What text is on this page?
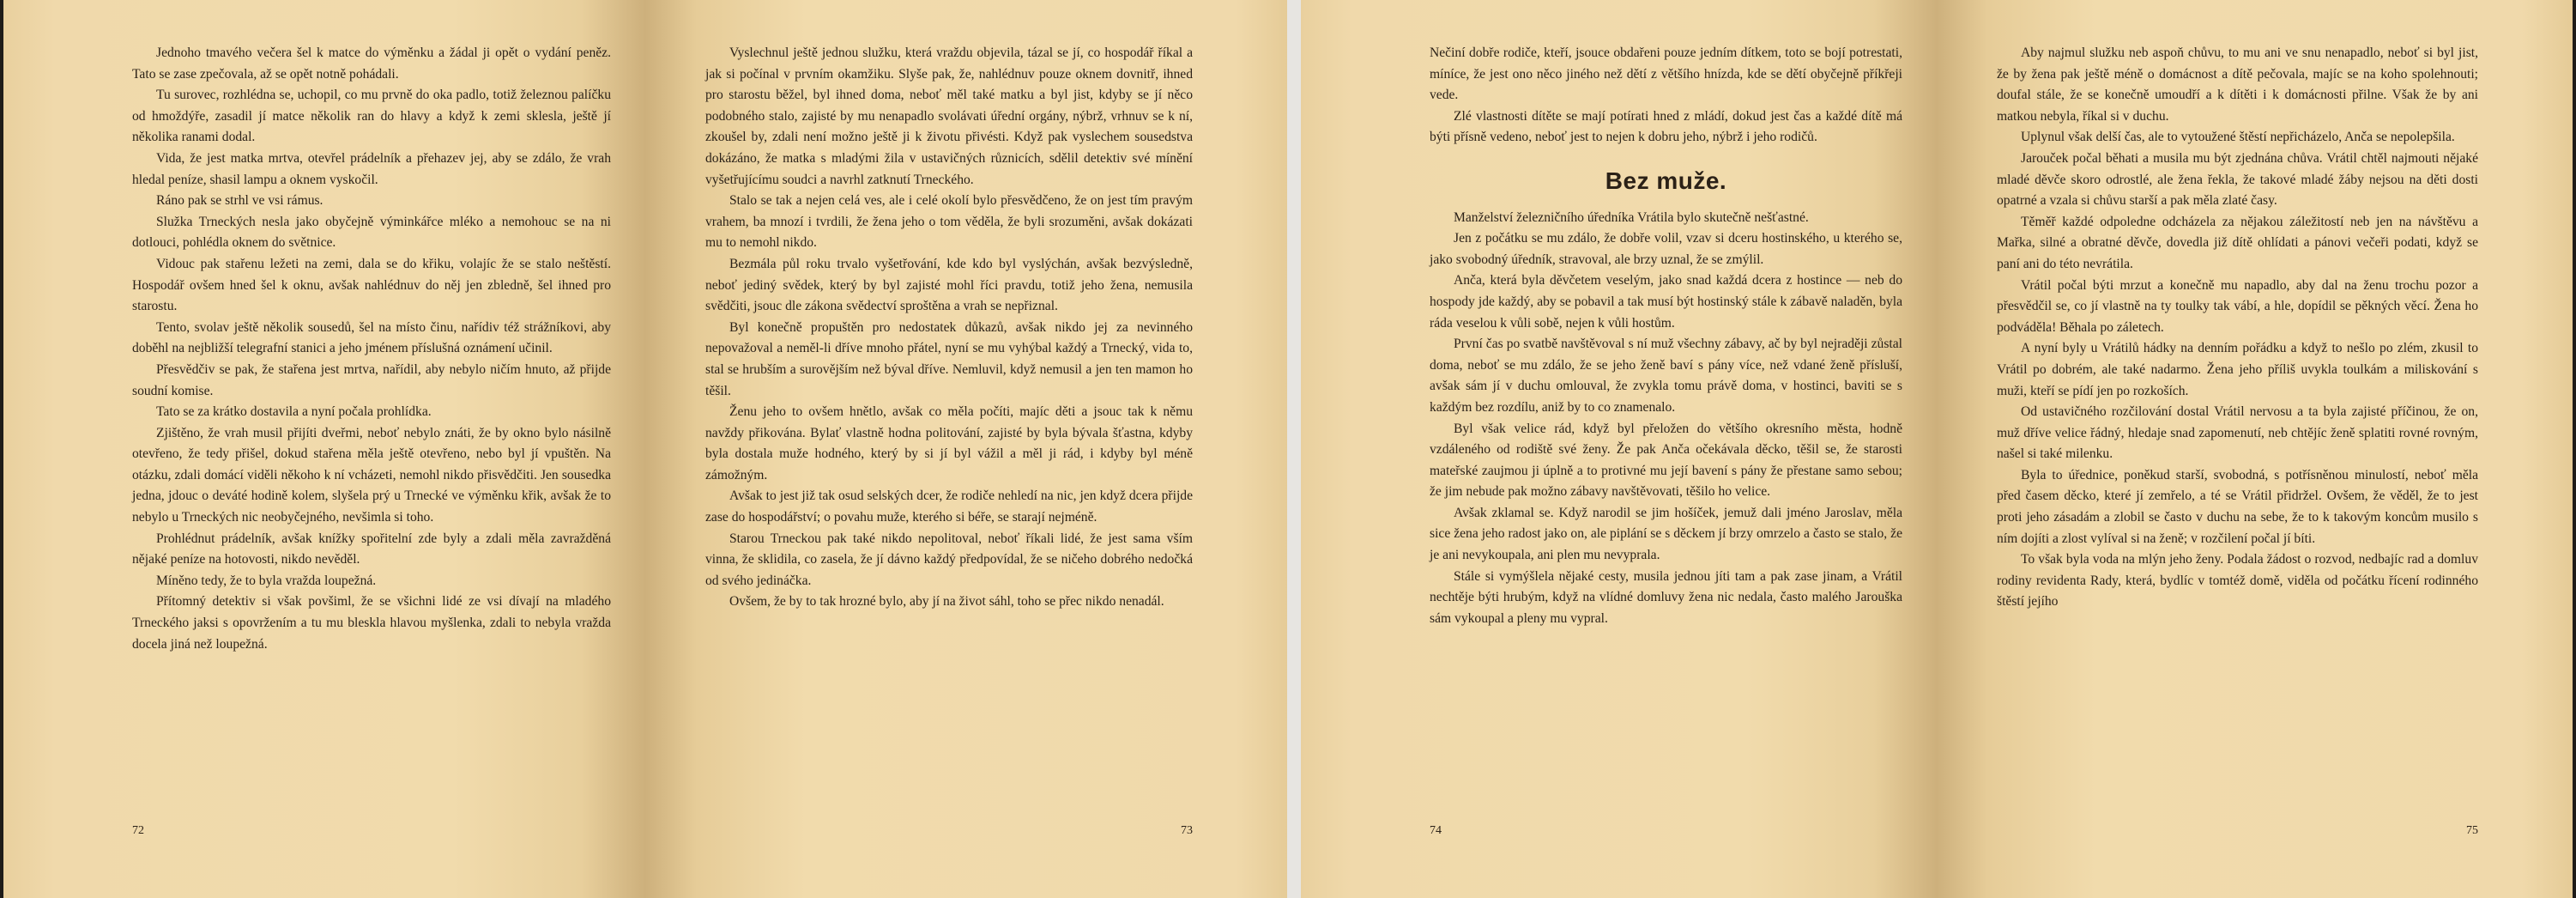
Jednoho tmavého večera šel k matce do výměnku a žádal ji opět o vydání peněz. Tato se zase zpečovala, až se opět notně pohádali.

Tu surovec, rozhlédna se, uchopil, co mu prvně do oka padlo, totiž železnou palíčku od hmoždýře, zasadil jí matce několik ran do hlavy a když k zemi sklesla, ještě jí několika ranami dodal.

Vida, že jest matka mrtva, otevřel prádelník a přehazev jej, aby se zdálo, že vrah hledal peníze, shasil lampu a oknem vyskočil.

Ráno pak se strhl ve vsi rámus.

Služka Trneckých nesla jako obyčejně výminkářce mléko a nemohouc se na ni dotlouci, pohlédla oknem do světnice.

Vidouc pak stařenu ležeti na zemi, dala se do křiku, volajíc že se stalo neštěstí. Hospodář ovšem hned šel k oknu, avšak nahlédnuv do něj jen zbledně, šel ihned pro starostu.

Tento, svolav ještě několik sousedů, šel na místo činu, nařídiv též strážníkovi, aby doběhl na nejbližší telegrafní stanici a jeho jménem příslušná oznámení učinil.

Přesvědčiv se pak, že stařena jest mrtva, nařídil, aby nebylo ničím hnuto, až přijde soudní komise.

Tato se za krátko dostavila a nyní počala prohlídka.

Zjištěno, že vrah musil přijíti dveřmi, neboť nebylo znáti, že by okno bylo násilně otevřeno, že tedy přišel, dokud stařena měla ještě otevřeno, nebo byl jí vpuštěn. Na otázku, zdali domácí viděli někoho k ní vcházeti, nemohl nikdo přisvědčiti. Jen sousedka jedna, jdouc o deváté hodině kolem, slyšela prý u Trnecké ve výměnku křik, avšak že to nebylo u Trneckých nic neobyčejného, nevšimla si toho.

Prohlédnut prádelník, avšak knížky spořitelní zde byly a zdali měla zavražděná nějaké peníze na hotovosti, nikdo nevěděl.

Míněno tedy, že to byla vražda loupežná.

Přítomný detektiv si však povšiml, že se všichni lidé ze vsi dívají na mladého Trneckého jaksi s opovržením a tu mu bleskla hlavou myšlenka, zdali to nebyla vražda docela jiná než loupežná.

72

Vyslechnul ještě jednou služku, která vraždu objevila, tázal se jí, co hospodář říkal a jak si počínal v prvním okamžiku. Slyše pak, že, nahlédnuv pouze oknem dovnitř, ihned pro starostu běžel, byl ihned doma, neboť měl také matku a byl jist, kdyby se jí něco podobného stalo, zajisté by mu nenapadlo svolávati úřední orgány, nýbrž, vrhnuv se k ní, zkoušel by, zdali není možno ještě ji k životu přivésti. Když pak vyslechem sousedstva dokázáno, že matka s mladými žila v ustavičných různicích, sdělil detektiv své mínění vyšetřujícímu soudci a navrhl zatknutí Trneckého.

Stalo se tak a nejen celá ves, ale i celé okolí bylo přesvědčeno, že on jest tím pravým vrahem, ba mnozí i tvrdili, že žena jeho o tom věděla, že byli srozuměni, avšak dokázati mu to nemohl nikdo.

Bezmála půl roku trvalo vyšetřování, kde kdo byl vyslýchán, avšak bezvýsledně, neboť jediný svědek, který by byl zajisté mohl říci pravdu, totiž jeho žena, nemusila svědčiti, jsouc dle zákona svědectví sproštěna a vrah se nepřiznal.

Byl konečně propuštěn pro nedostatek důkazů, avšak nikdo jej za nevinného nepovažoval a neměl-li dříve mnoho přátel, nyní se mu vyhýbal každý a Trnecký, vida to, stal se hrubším a surovějším než býval dříve. Nemluvil, když nemusil a jen ten mamon ho těšil.

Ženu jeho to ovšem hnětlo, avšak co měla počíti, majíc děti a jsouc tak k němu navždy přikována. Bylať vlastně hodna politování, zajisté by byla bývala šťastna, kdyby byla dostala muže hodného, který by si jí byl vážil a měl ji rád, i kdyby byl méně zámožným.

Avšak to jest již tak osud selských dcer, že rodiče nehledí na nic, jen když dcera přijde zase do hospodářství; o povahu muže, kterého si béře, se starají nejméně.

Starou Trneckou pak také nikdo nepolitoval, neboť říkali lidé, že jest sama vším vinna, že sklidila, co zasela, že jí dávno každý předpovídal, že se ničeho dobrého nedočká od svého jedináčka.

Ovšem, že by to tak hrozné bylo, aby jí na život sáhl, toho se přec nikdo nenadál.

73

Nečiní dobře rodiče, kteří, jsouce obdařeni pouze jedním dítkem, toto se bojí potrestati, míníce, že jest ono něco jiného než dětí z většího hnízda, kde se dětí obyčejně příkřeji vede.

Zlé vlastnosti dítěte se mají potírati hned z mládí, dokud jest čas a každé dítě má býti přísně vedeno, neboť jest to nejen k dobru jeho, nýbrž i jeho rodičů.

Bez muže.

Manželství železničního úředníka Vrátila bylo skutečně nešťastné.

Jen z počátku se mu zdálo, že dobře volil, vzav si dceru hostinského, u kterého se, jako svobodný úředník, stravoval, ale brzy uznal, že se zmýlil.

Anča, která byla děvčetem veselým, jako snad každá dcera z hostince — neb do hospody jde každý, aby se pobavil a tak musí být hostinský stále k zábavě naladěn, byla ráda veselou k vůli sobě, nejen k vůli hostům.

První čas po svatbě navštěvoval s ní muž všechny zábavy, ač by byl nejraději zůstal doma, neboť se mu zdálo, že se jeho ženě baví s pány více, než vdané ženě přísluší, avšak sám jí v duchu omlouval, že zvykla tomu právě doma, v hostinci, baviti se s každým bez rozdílu, aniž by to co znamenalo.

Byl však velice rád, když byl přeložen do většího okresního města, hodně vzdáleného od rodiště své ženy. Že pak Anča očekávala děcko, těšil se, že starosti mateřské zaujmou ji úplně a to protivné mu její bavení s pány že přestane samo sebou; že jim nebude pak možno zábavy navštěvovati, těšilo ho velice.

Avšak zklamal se. Když narodil se jim hošíček, jemuž dali jméno Jaroslav, měla sice žena jeho radost jako on, ale piplání se s děckem jí brzy omrzelo a často se stalo, že je ani nevykoupala, ani plen mu nevyprala.

Stále si vymýšlela nějaké cesty, musila jednou jíti tam a pak zase jinam, a Vrátil nechtěje býti hrubým, když na vlídné domluvy žena nic nedala, často malého Jarouška sám vykoupal a pleny mu vypral.

74

Aby najmul služku neb aspoň chůvu, to mu ani ve snu nenapadlo, neboť si byl jist, že by žena pak ještě méně o domácnost a dítě pečovala, majíc se na koho spolehnouti; doufal stále, že se konečně umoudří a k dítěti i k domácnosti přilne. Však že by ani matkou nebyla, říkal si v duchu.

Uplynul však delší čas, ale to vytoužené štěstí nepřicházelo, Anča se nepolepšila.

Jarouček počal běhati a musila mu být zjednána chůva. Vrátil chtěl najmouti nějaké mladé děvče skoro odrostlé, ale žena řekla, že takové mladé žáby nejsou na děti dosti opatrné a vzala si chůvu starší a pak měla zlaté časy.

Těměř každé odpoledne odcházela za nějakou záležitostí neb jen na návštěvu a Mařka, silné a obratné děvče, dovedla již dítě ohlídati a pánovi večeři podati, když se paní ani do této nevrátila.

Vrátil počal býti mrzut a konečně mu napadlo, aby dal na ženu trochu pozor a přesvědčil se, co jí vlastně na ty toulky tak vábí, a hle, dopídil se pěkných věcí. Žena ho podváděla! Běhala po záletech.

A nyní byly u Vrátilů hádky na denním pořádku a když to nešlo po zlém, zkusil to Vrátil po dobrém, ale také nadarmo. Žena jeho příliš uvykla toulkám a miliskování s muži, kteří se pídí jen po rozkoších.

Od ustavičného rozčilování dostal Vrátil nervosu a ta byla zajisté příčinou, že on, muž dříve velice řádný, hledaje snad zapomenutí, neb chtějíc ženě splatiti rovné rovným, našel si také milenku.

Byla to úřednice, poněkud starší, svobodná, s potřísněnou minulostí, neboť měla před časem děcko, které jí zemřelo, a té se Vrátil přidržel. Ovšem, že věděl, že to jest proti jeho zásadám a zlobil se často v duchu na sebe, že to k takovým koncům musilo s ním dojíti a zlost vylíval si na ženě; v rozčilení počal jí bíti.

To však byla voda na mlýn jeho ženy. Podala žádost o rozvod, nedbajíc rad a domluv rodiny revidenta Rady, která, bydlíc v tomtéž domě, viděla od počátku řícení rodinného štěstí jejího

75
